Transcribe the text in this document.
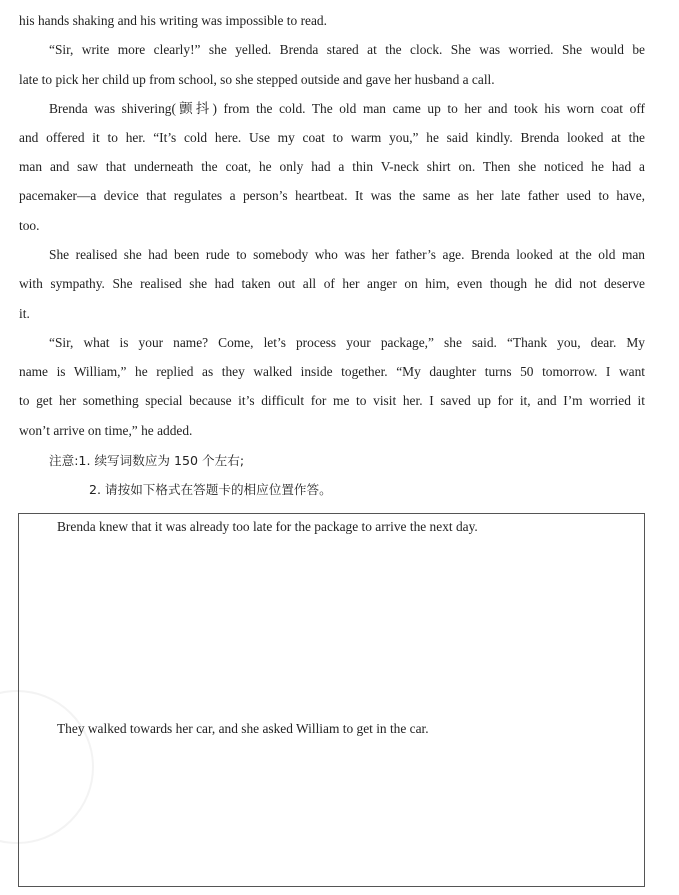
his hands shaking and his writing was impossible to read.
“Sir, write more clearly!” she yelled. Brenda stared at the clock. She was worried. She would be
late to pick her child up from school, so she stepped outside and gave her husband a call.
Brenda was shivering(颤抖) from the cold. The old man came up to her and took his worn coat off
and offered it to her. “It’s cold here. Use my coat to warm you,” he said kindly. Brenda looked at the
man and saw that underneath the coat, he only had a thin V-neck shirt on. Then she noticed he had a
pacemaker—a device that regulates a person’s heartbeat. It was the same as her late father used to have,
too.
She realised she had been rude to somebody who was her father’s age. Brenda looked at the old man
with sympathy. She realised she had taken out all of her anger on him, even though he did not deserve
it.
“Sir, what is your name? Come, let’s process your package,” she said. “Thank you, dear. My
name is William,” he replied as they walked inside together. “My daughter turns 50 tomorrow. I want
to get her something special because it’s difficult for me to visit her. I saved up for it, and I’m worried it
won’t arrive on time,” he added.
注意:1. 续写词数应为 150 个左右;
2. 请按如下格式在答题卡的相应位置作答。
Brenda knew that it was already too late for the package to arrive the next day.
They walked towards her car, and she asked William to get in the car.
